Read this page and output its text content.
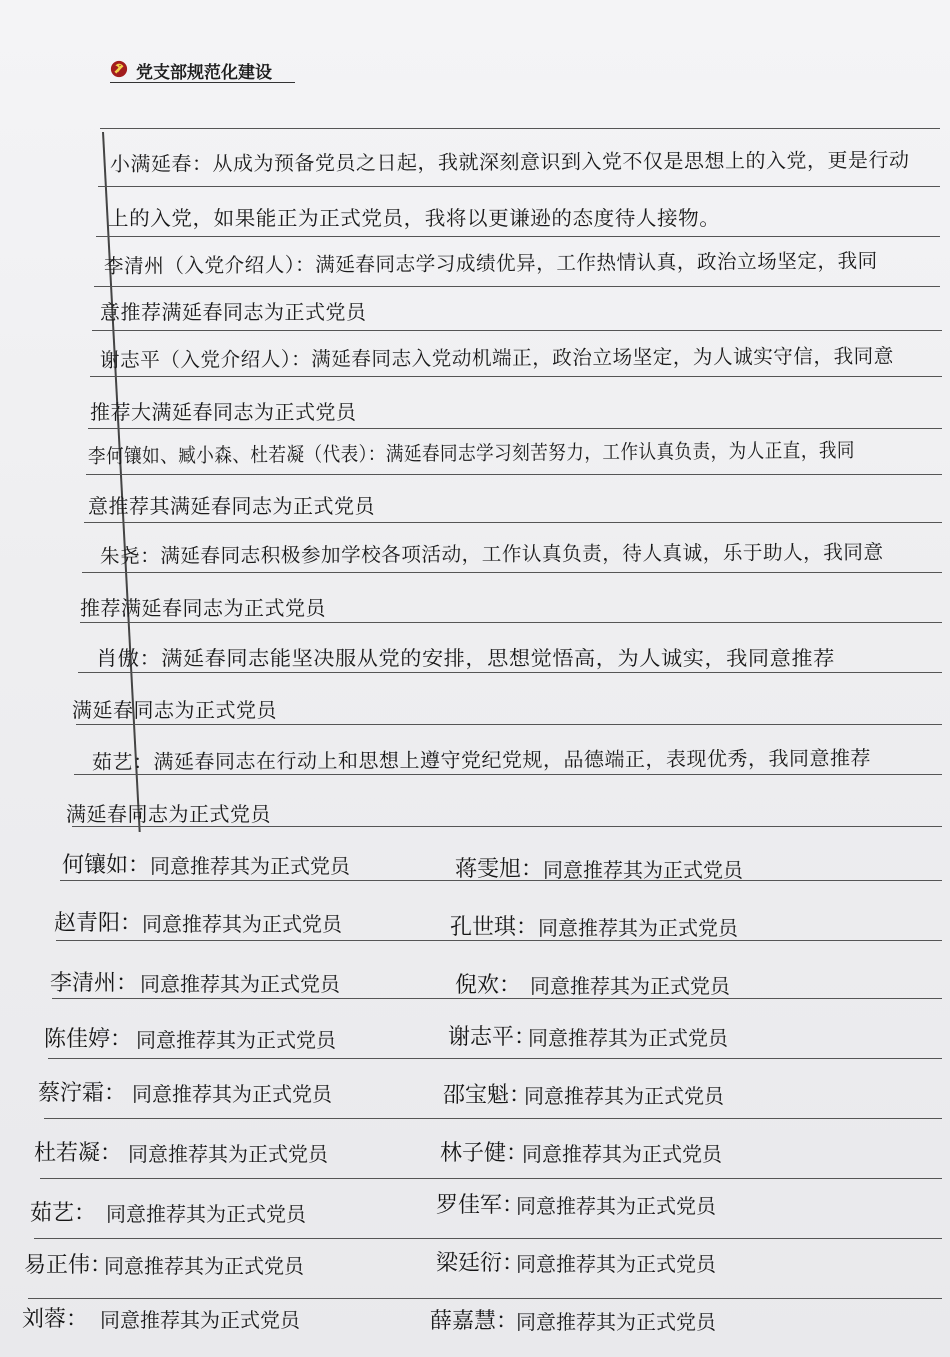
党支部规范化建设
小满延春：从成为预备党员之日起，我就深刻意识到入党不仅是思想上的入党，更是行动
上的入党，如果能正为正式党员，我将以更谦逊的态度待人接物。
李清州（入党介绍人）：满延春同志学习成绩优异，工作热情认真，政治立场坚定，我同
意推荐满延春同志为正式党员
谢志平（入党介绍人）：满延春同志入党动机端正，政治立场坚定，为人诚实守信，我同意
推荐大满延春同志为正式党员
李何镶如、臧小森、杜若凝（代表）：满延春同志学习刻苦努力，工作认真负责，为人正直，我同
意推荐其满延春同志为正式党员
朱尧：满延春同志积极参加学校各项活动，工作认真负责，待人真诚，乐于助人，我同意
推荐满延春同志为正式党员
肖傲：满延春同志能坚决服从党的安排，思想觉悟高，为人诚实，我同意推荐
满延春同志为正式党员
茹艺：满延春同志在行动上和思想上遵守党纪党规，品德端正，表现优秀，我同意推荐
满延春同志为正式党员
何镶如： 同意推荐其为正式党员
赵青阳： 同意推荐其为正式党员
李清州： 同意推荐其为正式党员
陈佳婷： 同意推荐其为正式党员
蔡泞霜： 同意推荐其为正式党员
杜若凝： 同意推荐其为正式党员
茹艺： 同意推荐其为正式党员
易正伟：
同意推荐其为正式党员
刘蓉： 同意推荐其为正式党员
蒋雯旭： 同意推荐其为正式党员
孔世琪： 同意推荐其为正式党员
倪欢： 同意推荐其为正式党员
谢志平：
同意推荐其为正式党员
邵宝魁：
同意推荐其为正式党员
林子健：
同意推荐其为正式党员
罗佳军：
同意推荐其为正式党员
梁廷衍：
同意推荐其为正式党员
薛嘉慧：
同意推荐其为正式党员
